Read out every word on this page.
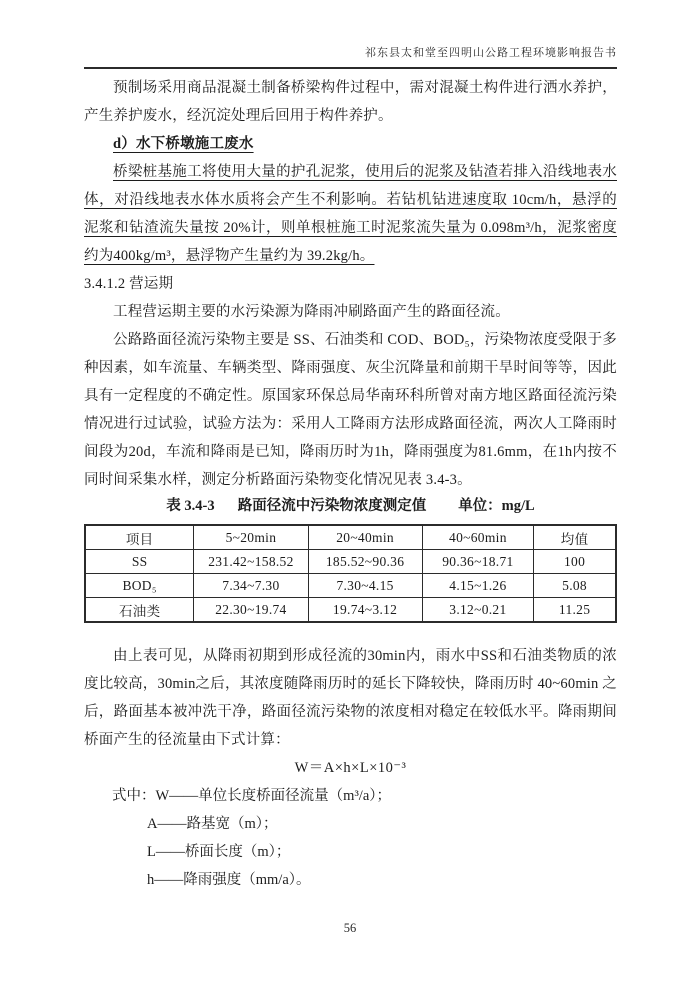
祁东县太和堂至四明山公路工程环境影响报告书

预制场采用商品混凝土制备桥梁构件过程中，需对混凝土构件进行洒水养护，产生养护废水，经沉淀处理后回用于构件养护。

d）水下桥墩施工废水

桥梁桩基施工将使用大量的护孔泥浆，使用后的泥浆及钻渣若排入沿线地表水体，对沿线地表水体水质将会产生不利影响。若钻机钻进速度取 10cm/h，悬浮的泥浆和钻渣流失量按 20%计，则单根桩施工时泥浆流失量为 0.098m³/h，泥浆密度约为400kg/m³，悬浮物产生量约为 39.2kg/h。

3.4.1.2 营运期

工程营运期主要的水污染源为降雨冲刷路面产生的路面径流。

公路路面径流污染物主要是 SS、石油类和 COD、BOD₅，污染物浓度受限于多种因素，如车流量、车辆类型、降雨强度、灰尘沉降量和前期干旱时间等等，因此具有一定程度的不确定性。原国家环保总局华南环科所曾对南方地区路面径流污染情况进行过试验，试验方法为：采用人工降雨方法形成路面径流，两次人工降雨时间段为20d，车流和降雨是已知，降雨历时为1h，降雨强度为81.6mm，在1h内按不同时间采集水样，测定分析路面污染物变化情况见表 3.4-3。

表 3.4-3 路面径流中污染物浓度测定值 单位：mg/L
项目	5~20min	20~40min	40~60min	均值
SS	231.42~158.52	185.52~90.36	90.36~18.71	100
BOD₅	7.34~7.30	7.30~4.15	4.15~1.26	5.08
石油类	22.30~19.74	19.74~3.12	3.12~0.21	11.25

由上表可见，从降雨初期到形成径流的30min内，雨水中SS和石油类物质的浓度比较高，30min之后，其浓度随降雨历时的延长下降较快，降雨历时 40~60min 之后，路面基本被冲洗干净，路面径流污染物的浓度相对稳定在较低水平。降雨期间桥面产生的径流量由下式计算：

W＝A×h×L×10⁻³
式中：W——单位长度桥面径流量（m³/a）；
A——路基宽（m）；
L——桥面长度（m）；
h——降雨强度（mm/a）。
56
